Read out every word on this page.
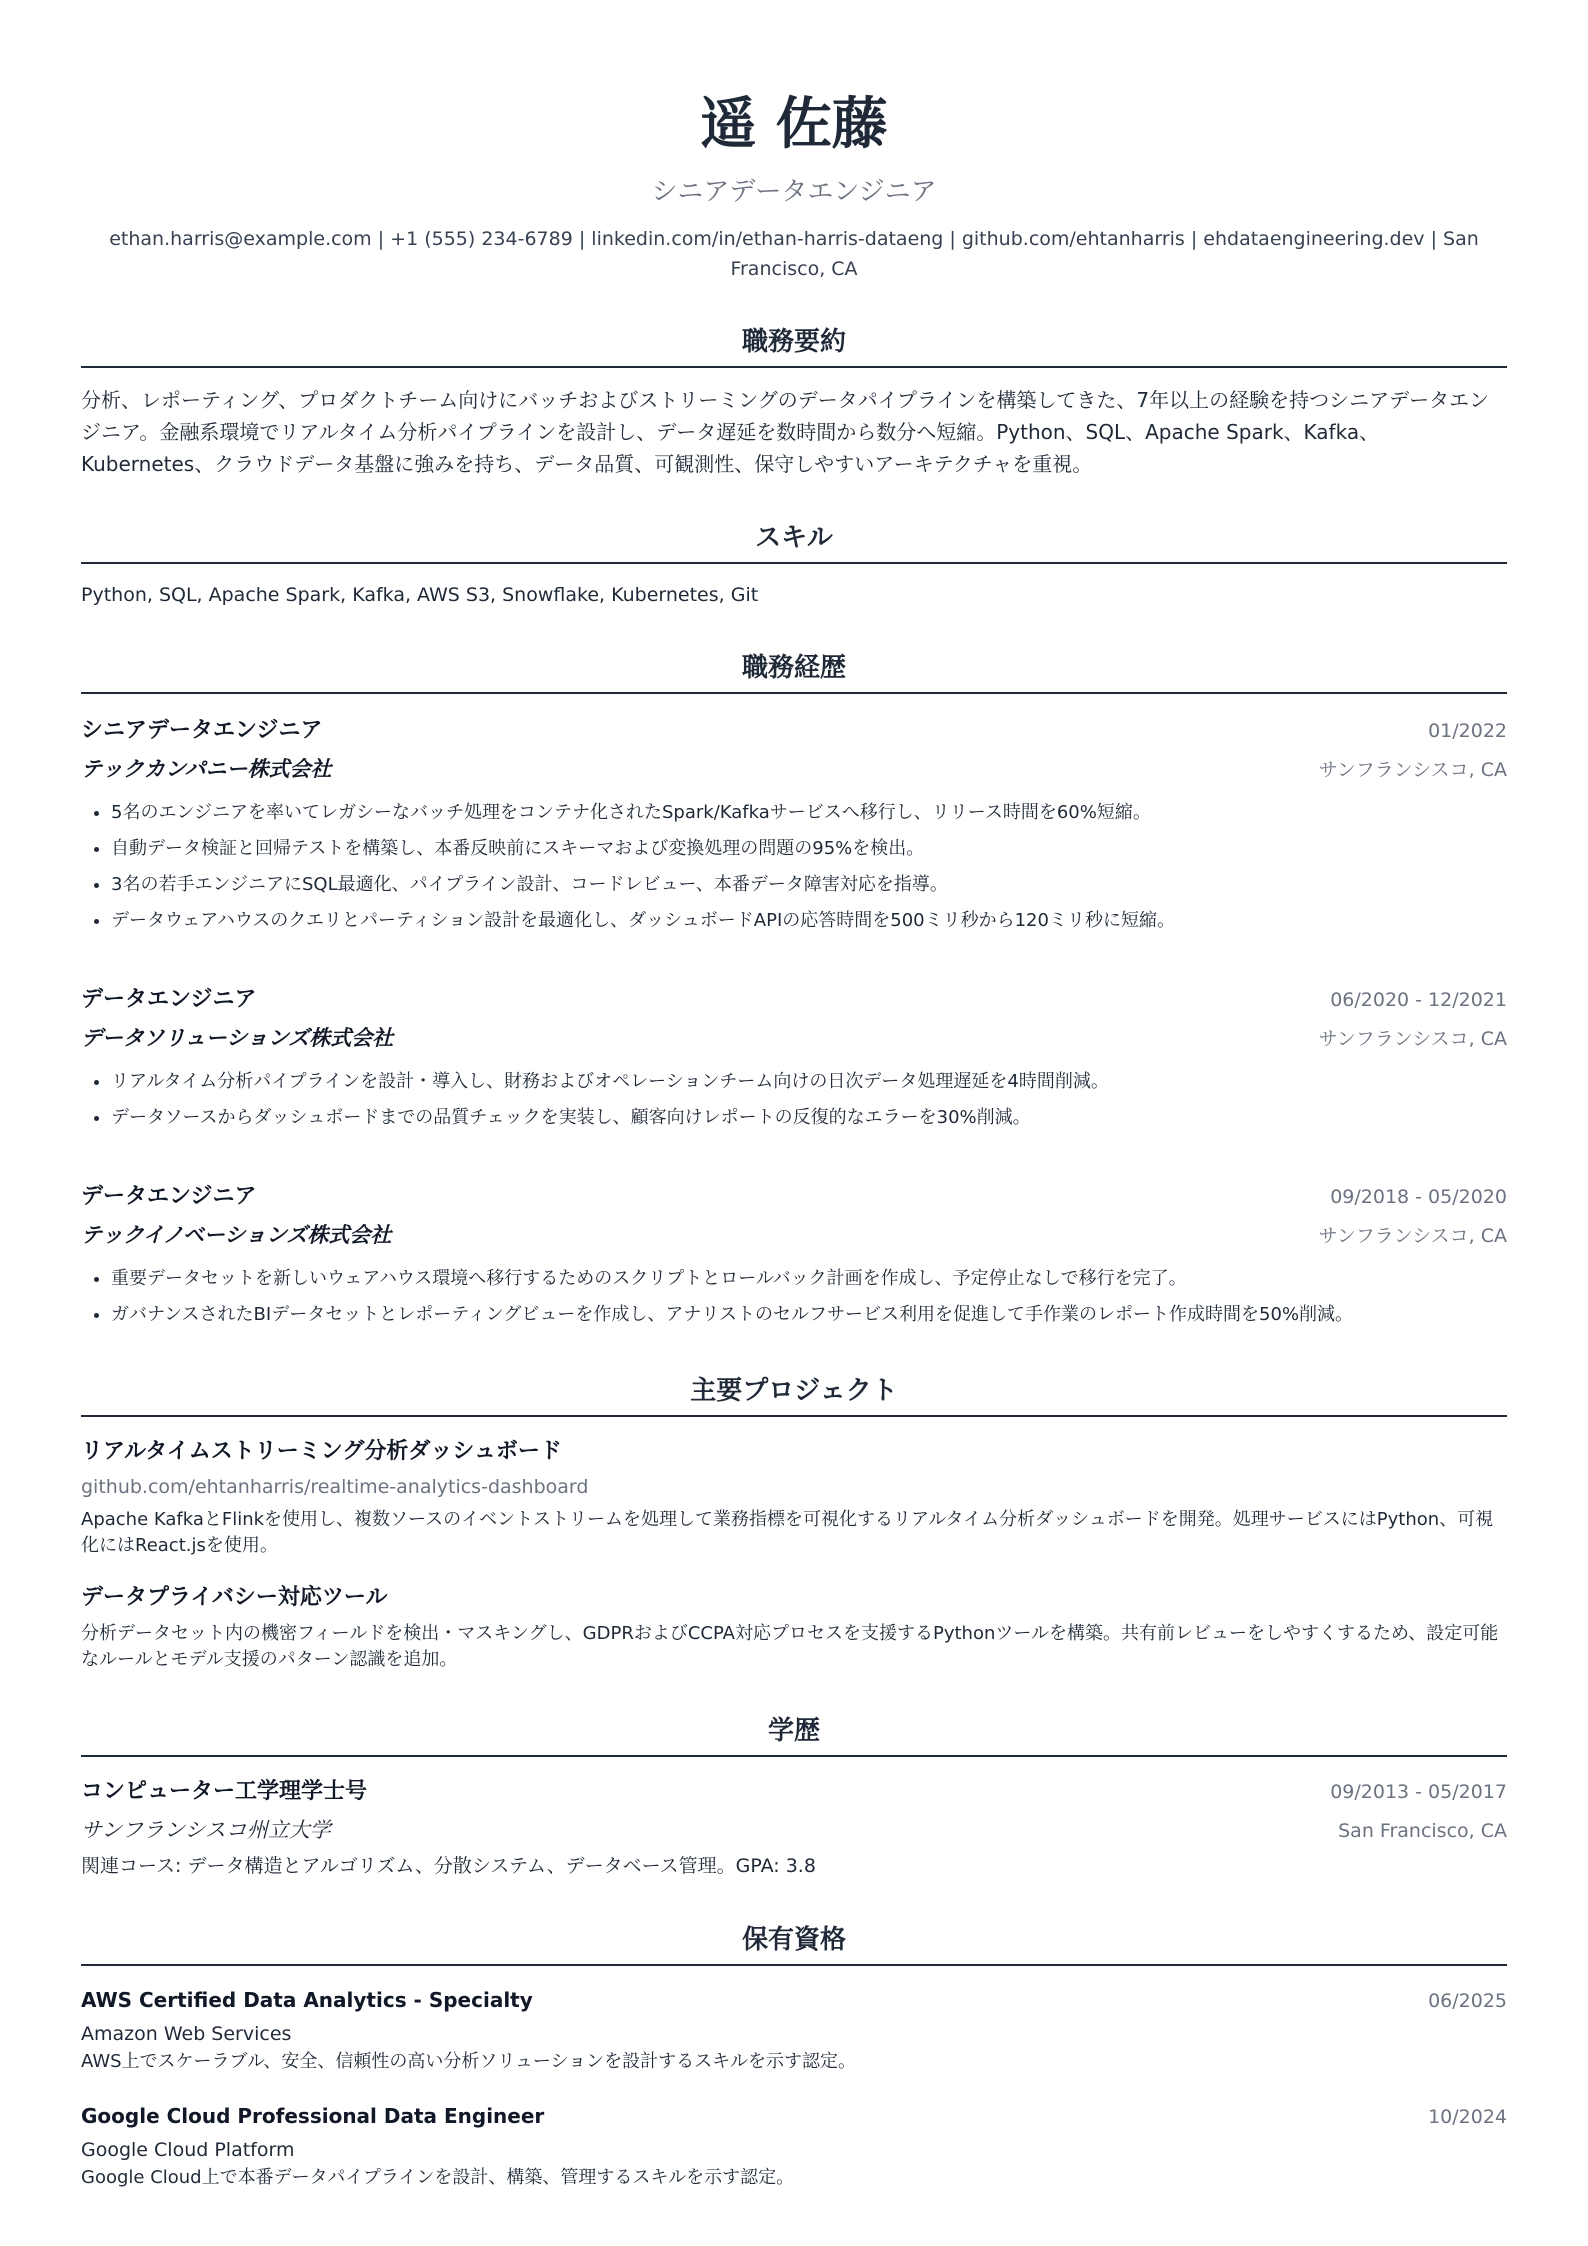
遥 佐藤
シニアデータエンジニア
ethan.harris@example.com | +1 (555) 234-6789 | linkedin.com/in/ethan-harris-dataeng | github.com/ehtanharris | ehdataengineering.dev | San Francisco, CA
職務要約
分析、レポーティング、プロダクトチーム向けにバッチおよびストリーミングのデータパイプラインを構築してきた、7年以上の経験を持つシニアデータエンジニア。金融系環境でリアルタイム分析パイプラインを設計し、データ遅延を数時間から数分へ短縮。Python、SQL、Apache Spark、Kafka、Kubernetes、クラウドデータ基盤に強みを持ち、データ品質、可観測性、保守しやすいアーキテクチャを重視。
スキル
Python, SQL, Apache Spark, Kafka, AWS S3, Snowflake, Kubernetes, Git
職務経歴
シニアデータエンジニア	01/2022
テックカンパニー株式会社	サンフランシスコ, CA
• 5名のエンジニアを率いてレガシーなバッチ処理をコンテナ化されたSpark/Kafkaサービスへ移行し、リリース時間を60%短縮。
• 自動データ検証と回帰テストを構築し、本番反映前にスキーマおよび変換処理の問題の95%を検出。
• 3名の若手エンジニアにSQL最適化、パイプライン設計、コードレビュー、本番データ障害対応を指導。
• データウェアハウスのクエリとパーティション設計を最適化し、ダッシュボードAPIの応答時間を500ミリ秒から120ミリ秒に短縮。
データエンジニア	06/2020 - 12/2021
データソリューションズ株式会社	サンフランシスコ, CA
• リアルタイム分析パイプラインを設計・導入し、財務およびオペレーションチーム向けの日次データ処理遅延を4時間削減。
• データソースからダッシュボードまでの品質チェックを実装し、顧客向けレポートの反復的なエラーを30%削減。
データエンジニア	09/2018 - 05/2020
テックイノベーションズ株式会社	サンフランシスコ, CA
• 重要データセットを新しいウェアハウス環境へ移行するためのスクリプトとロールバック計画を作成し、予定停止なしで移行を完了。
• ガバナンスされたBIデータセットとレポーティングビューを作成し、アナリストのセルフサービス利用を促進して手作業のレポート作成時間を50%削減。
主要プロジェクト
リアルタイムストリーミング分析ダッシュボード
github.com/ehtanharris/realtime-analytics-dashboard
Apache KafkaとFlinkを使用し、複数ソースのイベントストリームを処理して業務指標を可視化するリアルタイム分析ダッシュボードを開発。処理サービスにはPython、可視化にはReact.jsを使用。
データプライバシー対応ツール
分析データセット内の機密フィールドを検出・マスキングし、GDPRおよびCCPA対応プロセスを支援するPythonツールを構築。共有前レビューをしやすくするため、設定可能なルールとモデル支援のパターン認識を追加。
学歴
コンピューター工学理学士号	09/2013 - 05/2017
サンフランシスコ州立大学	San Francisco, CA
関連コース: データ構造とアルゴリズム、分散システム、データベース管理。GPA: 3.8
保有資格
AWS Certified Data Analytics - Specialty	06/2025
Amazon Web Services
AWS上でスケーラブル、安全、信頼性の高い分析ソリューションを設計するスキルを示す認定。
Google Cloud Professional Data Engineer	10/2024
Google Cloud Platform
Google Cloud上で本番データパイプラインを設計、構築、管理するスキルを示す認定。
